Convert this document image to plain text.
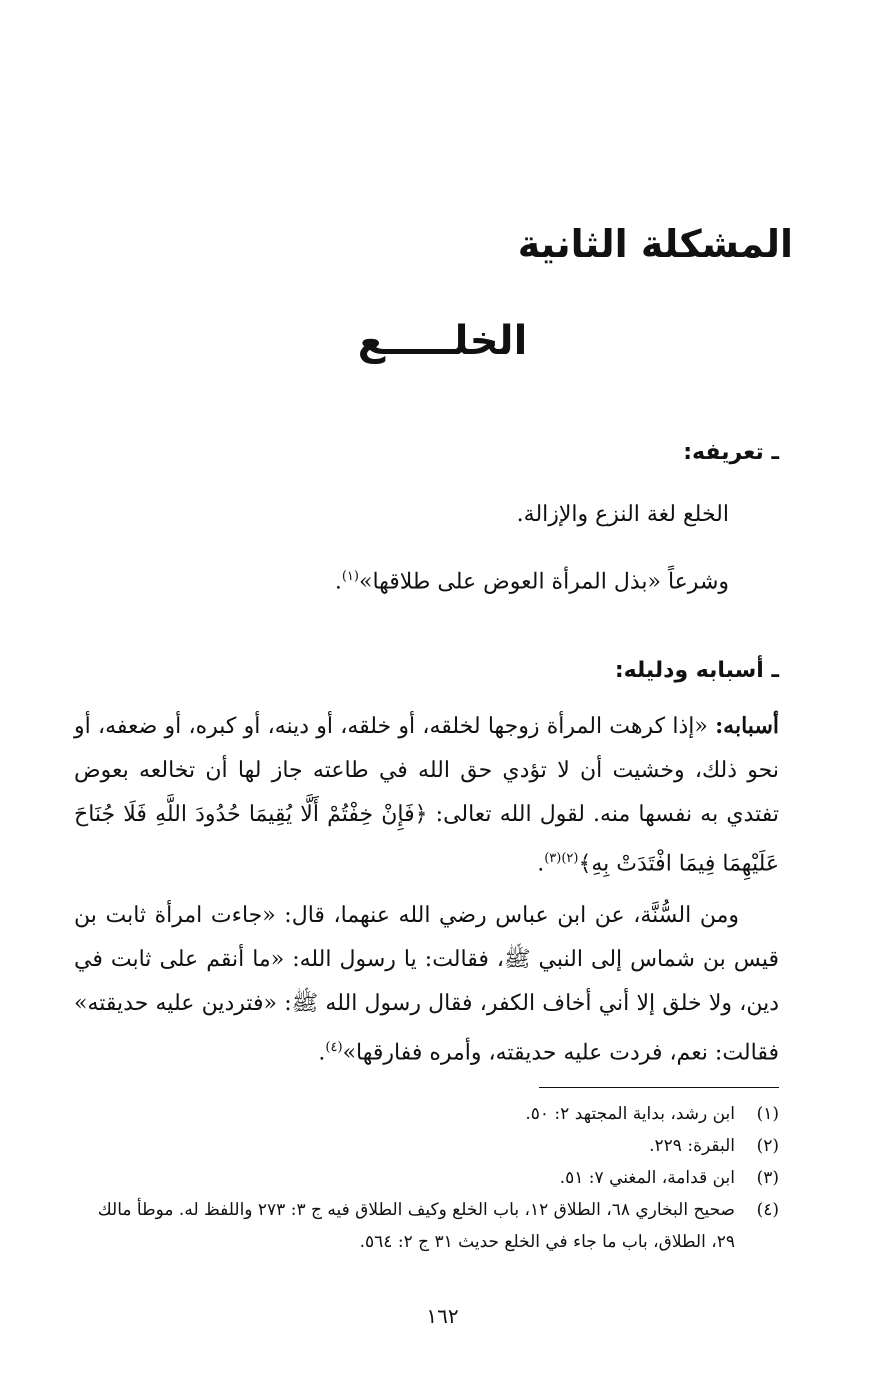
المشكلة الثانية
الخلـــــع
ـ تعريفه:

الخلع لغة النزع والإزالة.

وشرعاً «بذل المرأة العوض على طلاقها»$^{(١)}$.

ـ أسبابه ودليله:

أسبابه: «إذا كرهت المرأة زوجها لخلقه، أو خلقه، أو دينه، أو كبره، أو ضعفه، أو نحو ذلك، وخشيت أن لا تؤدي حق الله في طاعته جاز لها أن تخالعه بعوض تفتدي به نفسها منه. لقول الله تعالى: ﴿فَإِنْ خِفْتُمْ أَلَّا يُقِيمَا حُدُودَ اللَّهِ فَلَا جُنَاحَ عَلَيْهِمَا فِيمَا افْتَدَتْ بِهِ﴾$^{(٢)(٣)}$.

ومن السُّنَّة، عن ابن عباس رضي الله عنهما، قال: «جاءت امرأة ثابت بن قيس بن شماس إلى النبي ﷺ، فقالت: يا رسول الله: «ما أنقم على ثابت في دين، ولا خلق إلا أني أخاف الكفر، فقال رسول الله ﷺ: «فتردين عليه حديقته» فقالت: نعم، فردت عليه حديقته، وأمره ففارقها»$^{(٤)}$.

(١)
ابن رشد، بداية المجتهد ٢: ٥٠.
(٢)
البقرة: ٢٢٩.
(٣)
ابن قدامة، المغني ٧: ٥١.
(٤)
صحيح البخاري ٦٨، الطلاق ١٢، باب الخلع وكيف الطلاق فيه ج ٣: ٢٧٣ واللفظ له. موطأ مالك ٢٩، الطلاق، باب ما جاء في الخلع حديث ٣١ ج ٢: ٥٦٤.

١٦٢
